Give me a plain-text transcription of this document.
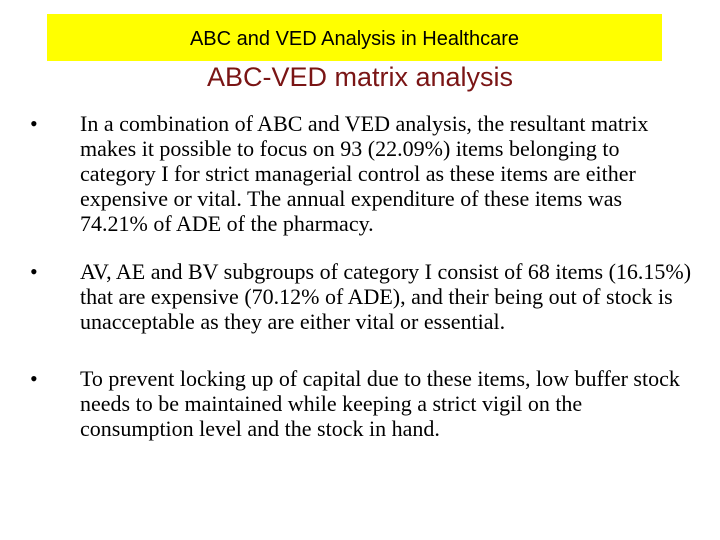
ABC and VED Analysis in Healthcare
ABC-VED matrix analysis
• In a combination of ABC and VED analysis, the resultant matrix makes it possible to focus on 93 (22.09%) items belonging to category I for strict managerial control as these items are either expensive or vital. The annual expenditure of these items was 74.21% of ADE of the pharmacy.
• AV, AE and BV subgroups of category I consist of 68 items (16.15%) that are expensive (70.12% of ADE), and their being out of stock is unacceptable as they are either vital or essential.
• To prevent locking up of capital due to these items, low buffer stock needs to be maintained while keeping a strict vigil on the consumption level and the stock in hand.
